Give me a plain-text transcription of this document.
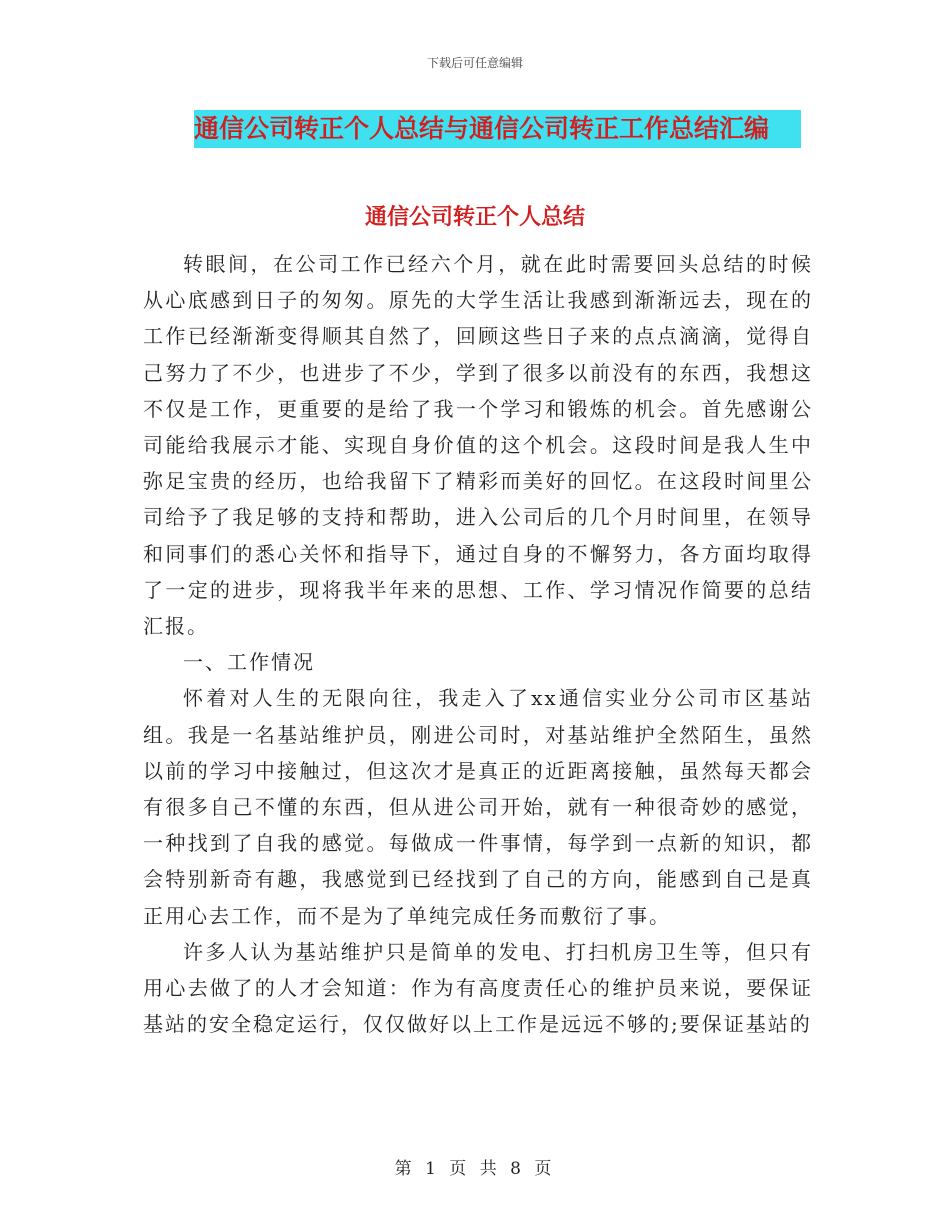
下载后可任意编辑
通信公司转正个人总结与通信公司转正工作总结汇编
通信公司转正个人总结

转眼间，在公司工作已经六个月，就在此时需要回头总结的时候从心底感到日子的匆匆。原先的大学生活让我感到渐渐远去，现在的工作已经渐渐变得顺其自然了，回顾这些日子来的点点滴滴，觉得自己努力了不少，也进步了不少，学到了很多以前没有的东西，我想这不仅是工作，更重要的是给了我一个学习和锻炼的机会。首先感谢公司能给我展示才能、实现自身价值的这个机会。这段时间是我人生中弥足宝贵的经历，也给我留下了精彩而美好的回忆。在这段时间里公司给予了我足够的支持和帮助，进入公司后的几个月时间里，在领导和同事们的悉心关怀和指导下，通过自身的不懈努力，各方面均取得了一定的进步，现将我半年来的思想、工作、学习情况作简要的总结汇报。

一、工作情况

怀着对人生的无限向往，我走入了xx通信实业分公司市区基站组。我是一名基站维护员，刚进公司时，对基站维护全然陌生，虽然以前的学习中接触过，但这次才是真正的近距离接触，虽然每天都会有很多自己不懂的东西，但从进公司开始，就有一种很奇妙的感觉，一种找到了自我的感觉。每做成一件事情，每学到一点新的知识，都会特别新奇有趣，我感觉到已经找到了自己的方向，能感到自己是真正用心去工作，而不是为了单纯完成任务而敷衍了事。

许多人认为基站维护只是简单的发电、打扫机房卫生等，但只有用心去做了的人才会知道：作为有高度责任心的维护员来说，要保证基站的安全稳定运行，仅仅做好以上工作是远远不够的;要保证基站的

第 1 页 共 8 页
